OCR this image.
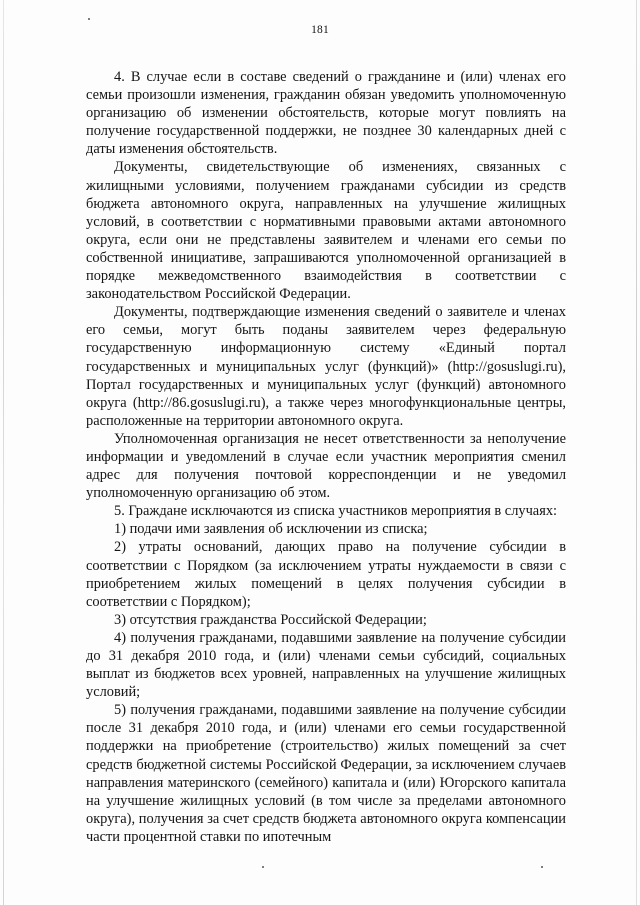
181

4. В случае если в составе сведений о гражданине и (или) членах его семьи произошли изменения, гражданин обязан уведомить уполномоченную организацию об изменении обстоятельств, которые могут повлиять на получение государственной поддержки, не позднее 30 календарных дней с даты изменения обстоятельств.

Документы, свидетельствующие об изменениях, связанных с жилищными условиями, получением гражданами субсидии из средств бюджета автономного округа, направленных на улучшение жилищных условий, в соответствии с нормативными правовыми актами автономного округа, если они не представлены заявителем и членами его семьи по собственной инициативе, запрашиваются уполномоченной организацией в порядке межведомственного взаимодействия в соответствии с законодательством Российской Федерации.

Документы, подтверждающие изменения сведений о заявителе и членах его семьи, могут быть поданы заявителем через федеральную государственную информационную систему «Единый портал государственных и муниципальных услуг (функций)» (http://gosuslugi.ru), Портал государственных и муниципальных услуг (функций) автономного округа (http://86.gosuslugi.ru), а также через многофункциональные центры, расположенные на территории автономного округа.

Уполномоченная организация не несет ответственности за неполучение информации и уведомлений в случае если участник мероприятия сменил адрес для получения почтовой корреспонденции и не уведомил уполномоченную организацию об этом.

5. Граждане исключаются из списка участников мероприятия в случаях:

1) подачи ими заявления об исключении из списка;

2) утраты оснований, дающих право на получение субсидии в соответствии с Порядком (за исключением утраты нуждаемости в связи с приобретением жилых помещений в целях получения субсидии в соответствии с Порядком);

3) отсутствия гражданства Российской Федерации;

4) получения гражданами, подавшими заявление на получение субсидии до 31 декабря 2010 года, и (или) членами семьи субсидий, социальных выплат из бюджетов всех уровней, направленных на улучшение жилищных условий;

5) получения гражданами, подавшими заявление на получение субсидии после 31 декабря 2010 года, и (или) членами его семьи государственной поддержки на приобретение (строительство) жилых помещений за счет средств бюджетной системы Российской Федерации, за исключением случаев направления материнского (семейного) капитала и (или) Югорского капитала на улучшение жилищных условий (в том числе за пределами автономного округа), получения за счет средств бюджета автономного округа компенсации части процентной ставки по ипотечным
